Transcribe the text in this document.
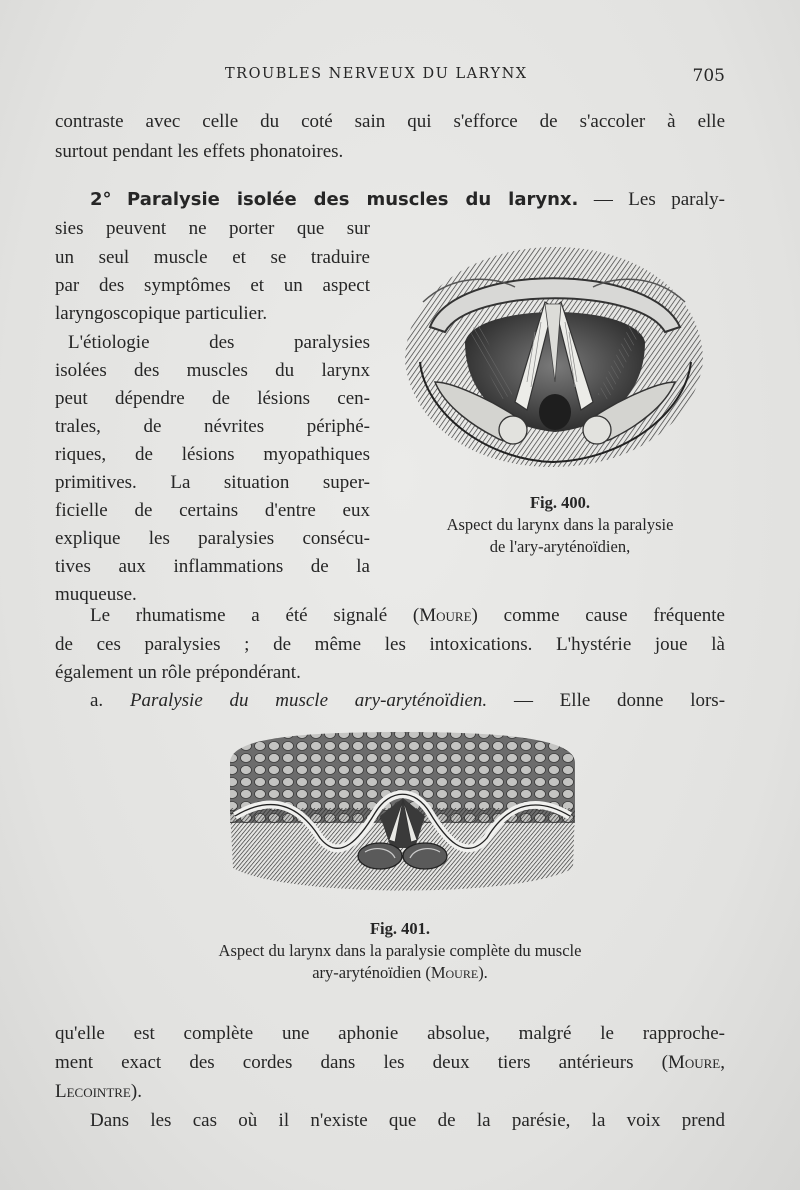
TROUBLES NERVEUX DU LARYNX	705
contraste avec celle du coté sain qui s'efforce de s'accoler à elle
surtout pendant les effets phonatoires.
2° Paralysie isolée des muscles du larynx. — Les paraly-
sies peuvent ne porter que sur
un seul muscle et se traduire
par des symptômes et un aspect
laryngoscopique particulier.
L'étiologie des paralysies
isolées des muscles du larynx
peut dépendre de lésions cen-
trales, de névrites périphé-
riques, de lésions myopathiques
primitives. La situation super-
ficielle de certains d'entre eux
explique les paralysies consécu-
tives aux inflammations de la
muqueuse.
Fig. 400.
Aspect du larynx dans la paralysie
de l'ary-aryténoïdien,
Le rhumatisme a été signalé (Moure) comme cause fréquente
de ces paralysies ; de même les intoxications. L'hystérie joue là
également un rôle prépondérant.
a. Paralysie du muscle ary-aryténoïdien. — Elle donne lors-
Fig. 401.
Aspect du larynx dans la paralysie complète du muscle
ary-aryténoïdien (Moure).
qu'elle est complète une aphonie absolue, malgré le rapproche-
ment exact des cordes dans les deux tiers antérieurs (Moure,
Lecointre).
Dans les cas où il n'existe que de la parésie, la voix prend
